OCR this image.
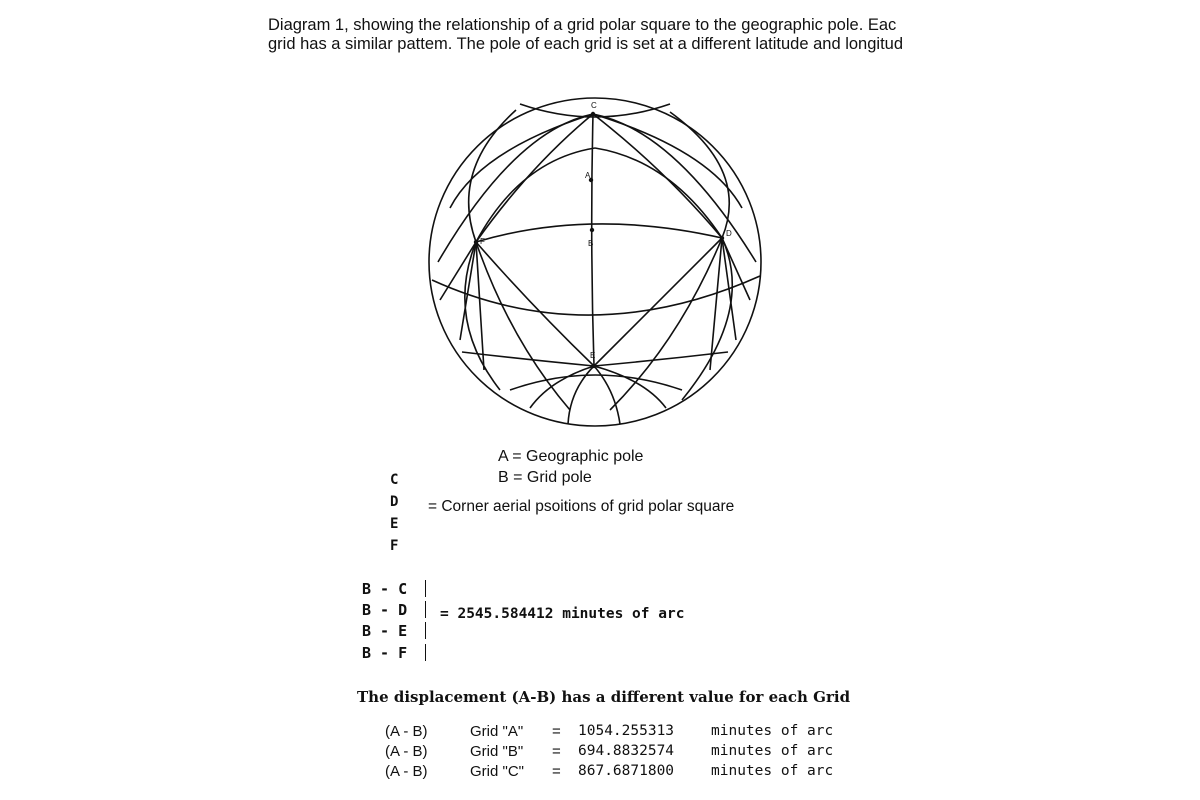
Diagram 1, showing the relationship of a grid polar square to the geographic pole. Eac
grid has a similar pattem. The pole of each grid is set at a different latitude and longitud
C
A
B
D
E
F
A = Geographic pole
B = Grid pole
C
D
E
F
= Corner aerial psoitions of grid polar square
B - C
B - D
B - E
B - F
= 2545.584412 minutes of arc
The displacement (A-B) has a different value for each Grid
(A - B)	Grid "A"	=	1054.255313	minutes of arc
(A - B)	Grid "B"	=	694.8832574	minutes of arc
(A - B)	Grid "C"	=	867.6871800	minutes of arc
